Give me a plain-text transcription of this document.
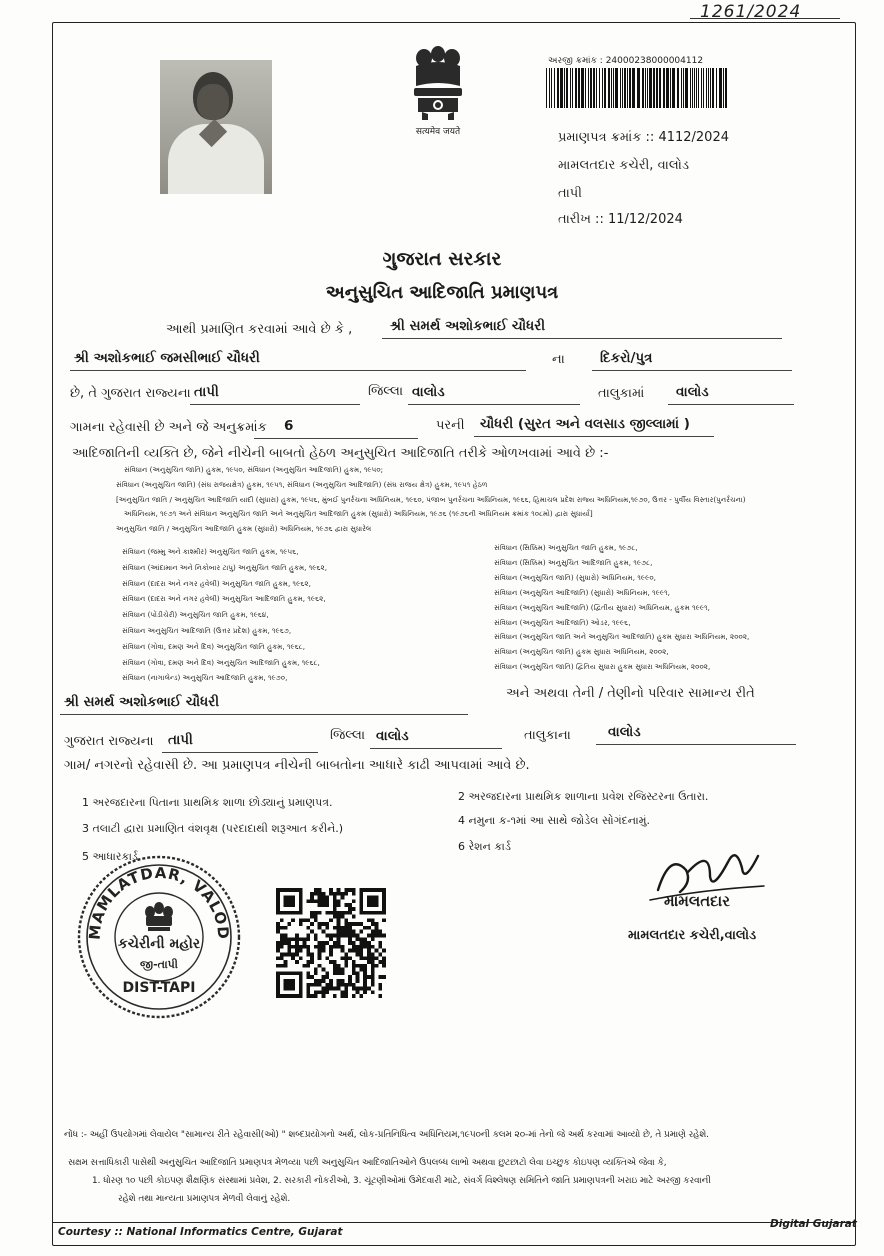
1261/2024
सत्यमेव जयते
અરજી ક્રમાંક : 24000238000004112
પ્રમાણપત્ર ક્રમાંક :: 4112/2024
મામલતદાર કચેરી, વાલોડ
તાપી
તારીખ :: 11/12/2024
ગુજરાત સરકાર
અનુસુચિત આદિજાતિ પ્રમાણપત્ર
આથી પ્રમાણિત કરવામાં આવે છે કે ,	શ્રી સમર્થ અશોકભાઈ ચૌધરી
શ્રી અશોકભાઈ જમસીભાઈ ચૌધરી	ના	દિકરો/પુત્ર
છે, તે ગુજરાત રાજ્યના તાપી	જિલ્લા વાલોડ	તાલુકામાં વાલોડ
ગામના રહેવાસી છે અને જે અનુક્રમાંક 6	પરની ચૌધરી (સુરત અને વલસાડ જીલ્લામાં )
આદિજાતિની વ્યક્તિ છે, જેને નીચેની બાબતો હેઠળ અનુસુચિત આદિજાતિ તરીકે ઓળખવામાં આવે છે :-
સંવિધાન (અનુસુચિત જાતિ) હુકમ, ૧૯૫૦, સંવિધાન (અનુસુચિત આદિજાતિ) હુકમ, ૧૯૫૦;
સંવિધાન (અનુસુચિત જાતિ) (સંઘ રાજયક્ષેત્ર) હુકમ, ૧૯૫૧, સંવિધાન (અનુસુચિત આદિજાતિ) (સંઘ રાજય ક્ષેત્ર) હુકમ, ૧૯૫૧ હેઠળ
[અનુસુચિત જાતિ / અનુસુચિત આદિજાતિ યાદી (સુધારા) હુકમ, ૧૯૫૬, મુંબઈ પુનર્રચના અધિનિયમ, ૧૯૬૦, પંજાબ પુનર્રચના અધિનિયમ, ૧૯૬૬, હિમાચલ પ્રદેશ રાજ્ય અધિનિયમ,૧૯૭૦, ઉત્તર - પુર્વીય વિસ્તાર(પુનર્રચના)
અધિનિયમ, ૧૯૭૧ અને સંવિધાન અનુસુચિત જાતિ અને અનુસુચિત આદિજાતિ હુકમ (સુધારો) અધિનિયમ, ૧૯૭૬ (૧૯૭૬ની અધિનિયમ ક્રમાંક ૧૦૮મો) દ્વારા સુધાર્યા]
અનુસુચિત જાતિ / અનુસુચિત આદિજાતિ હુકમ (સુધારો) અધિનિયમ, ૧૯૭૬ દ્વારા સુધારેલ
શ્રી સમર્થ અશોકભાઈ ચૌધરી
અને અથવા તેની / તેણીનો પરિવાર સામાન્ય રીતે
ગુજરાત રાજ્યના તાપી	જિલ્લા વાલોડ	તાલુકાના	વાલોડ
ગામ/ નગરનો રહેવાસી છે. આ પ્રમાણપત્ર નીચેની બાબતોના આધારે કાઢી આપવામાં આવે છે.
1 અરજદારના પિતાના પ્રાથમિક શાળા છોડ્યાનું પ્રમાણપત્ર.	2 અરજદારના પ્રાથમિક શાળાના પ્રવેશ રજિસ્ટરના ઉતારા.
3 તલાટી દ્વારા પ્રમાણિત વંશવૃક્ષ (પરદાદાથી શરૂઆત કરીને.)
4 નમુના ક-૧માં આ સાથે જોડેલ સોગંદનામું.
5 આધારકાર્ડ
6 રેશન કાર્ડ
MAMLATDAR, VALOD
કચેરીની મહોર
જી-તાપી
DIST-TAPI
મામલતદાર
મામલતદાર કચેરી,વાલોડ
નોંધ :- અહીં ઉપયોગમાં લેવાયેલ "સામાન્ય રીતે રહેવાસી(ઓ) " શબ્દપ્રયોગનો અર્થ, લોક-પ્રતિનિધિત્વ અધિનિયમ,૧૯૫૦ની કલમ ૨૦-માં તેનો જે અર્થ કરવામાં આવ્યો છે, તે પ્રમાણે રહેશે.
સક્ષમ સત્તાધિકારી પાસેથી અનુસુચિત આદિજાતિ પ્રમાણપત્ર મેળવ્યા પછી અનુસુચિત આદિજાતિઓને ઉપલબ્ધ લાભો અથવા છુટછાટો લેવા ઇચ્છુક કોઇપણ વ્યક્તિએ જેવા કે,
1. ધોરણ ૧૦ પછી કોઇપણ શૈક્ષણિક સંસ્થામાં પ્રવેશ, 2. સરકારી નોકરીઓ, 3. ચૂંટણીઓમાં ઉમેદવારી માટે, સંવર્ગ વિશ્લેષણ સમિતિને જાતિ પ્રમાણપત્રની ખરાઇ માટે અરજી કરવાની
રહેશે તથા માન્યતા પ્રમાણપત્ર મેળવી લેવાનું રહેશે.
Courtesy :: National Informatics Centre, Gujarat
Digital Gujarat
સંવિધાન (જમ્મુ અને કાશ્મીર) અનુસુચિત જાતિ હુકમ, ૧૯૫૬,
સંવિધાન (આંદામાન અને નિકોબાર ટાપુ) અનુસુચિત જાતિ હુકમ, ૧૯૬૨,
સંવિધાન (દાદરા અને નગર હવેલી) અનુસુચિત જાતિ હુકમ, ૧૯૬૨,
સંવિધાન (દાદરા અને નગર હવેલી) અનુસુચિત આદિજાતિ હુકમ, ૧૯૬૨,
સંવિધાન (પોંડીચેરી) અનુસુચિત જાતિ હુકમ, ૧૯૬૪,
સંવિધાન અનુસુચિત આદિજાતિ (ઉત્તર પ્રદેશ) હુકમ, ૧૯૬૭,
સંવિધાન (ગોવા, દમણ અને દિવ) અનુસુચિત જાતિ હુકમ, ૧૯૬૮,
સંવિધાન (ગોવા, દમણ અને દિવ) અનુસુચિત આદિજાતિ હુકમ, ૧૯૬૮,
સંવિધાન (નાગાલેન્ડ) અનુસુચિત આદિજાતિ હુકમ, ૧૯૭૦,
સંવિધાન (સિક્કિમ) અનુસુચિત જાતિ હુકમ, ૧૯૭૮,
સંવિધાન (સિક્કિમ) અનુસુચિત આદિજાતિ હુકમ, ૧૯૭૮,
સંવિધાન (અનુસુચિત જાતિ) (સુધારો) અધિનિયમ, ૧૯૯૦,
સંવિધાન (અનુસુચિત આદિજાતિ) (સુધારો) અધિનિયમ, ૧૯૯૧,
સંવિધાન (અનુસુચિત આદિજાતિ) (દ્વિતીય સુધારા) અધિનિયમ, હુકમ ૧૯૯૧,
સંવિધાન (અનુસુચિત આદિજાતિ) ઓડર, ૧૯૯૬,
સંવિધાન (અનુસુચિત જાતિ અને અનુસુચિત આદિજાતિ) હુકમ સુધારા અધિનિયમ, ૨૦૦૨,
સંવિધાન (અનુસુચિત જાતિ) હુકમ સુધારા અધિનિયમ, ૨૦૦૨,
સંવિધાન (અનુસુચિત જાતિ) દ્વિતિય સુધારા હુકમ સુધારા અધિનિયમ, ૨૦૦૨,
